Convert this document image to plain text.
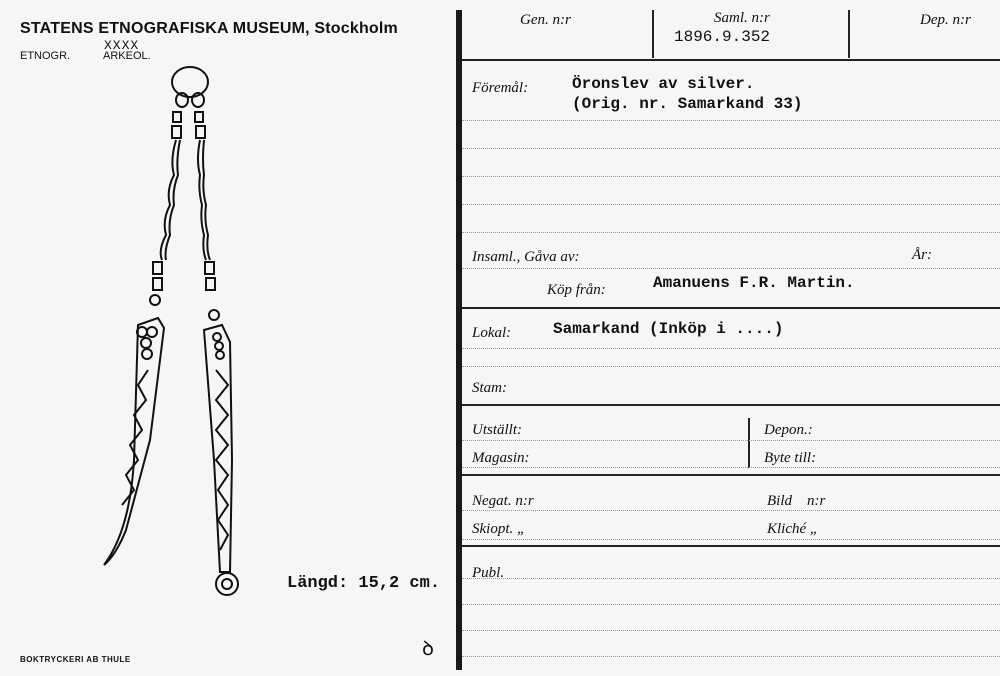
STATENS ETNOGRAFISKA MUSEUM, Stockholm
XXXX
ETNOGR.	ARKEOL.
Längd: 15,2 cm.
ꝺ
BOKTRYCKERI AB THULE
Gen. n:r	Saml. n:r
1896.9.352
Dep. n:r
Föremål:	Öronslev av silver.
(Orig. nr. Samarkand 33)
Insaml., Gåva av:	År:
Köp från:	Amanuens F.R. Martin.
Lokal:	Samarkand (Inköp i ....)
Stam:
Utställt:	Depon.:
Magasin:	Byte till:
Negat. n:r	Bild    n:r
Skiopt. „	Kliché „
Publ.
